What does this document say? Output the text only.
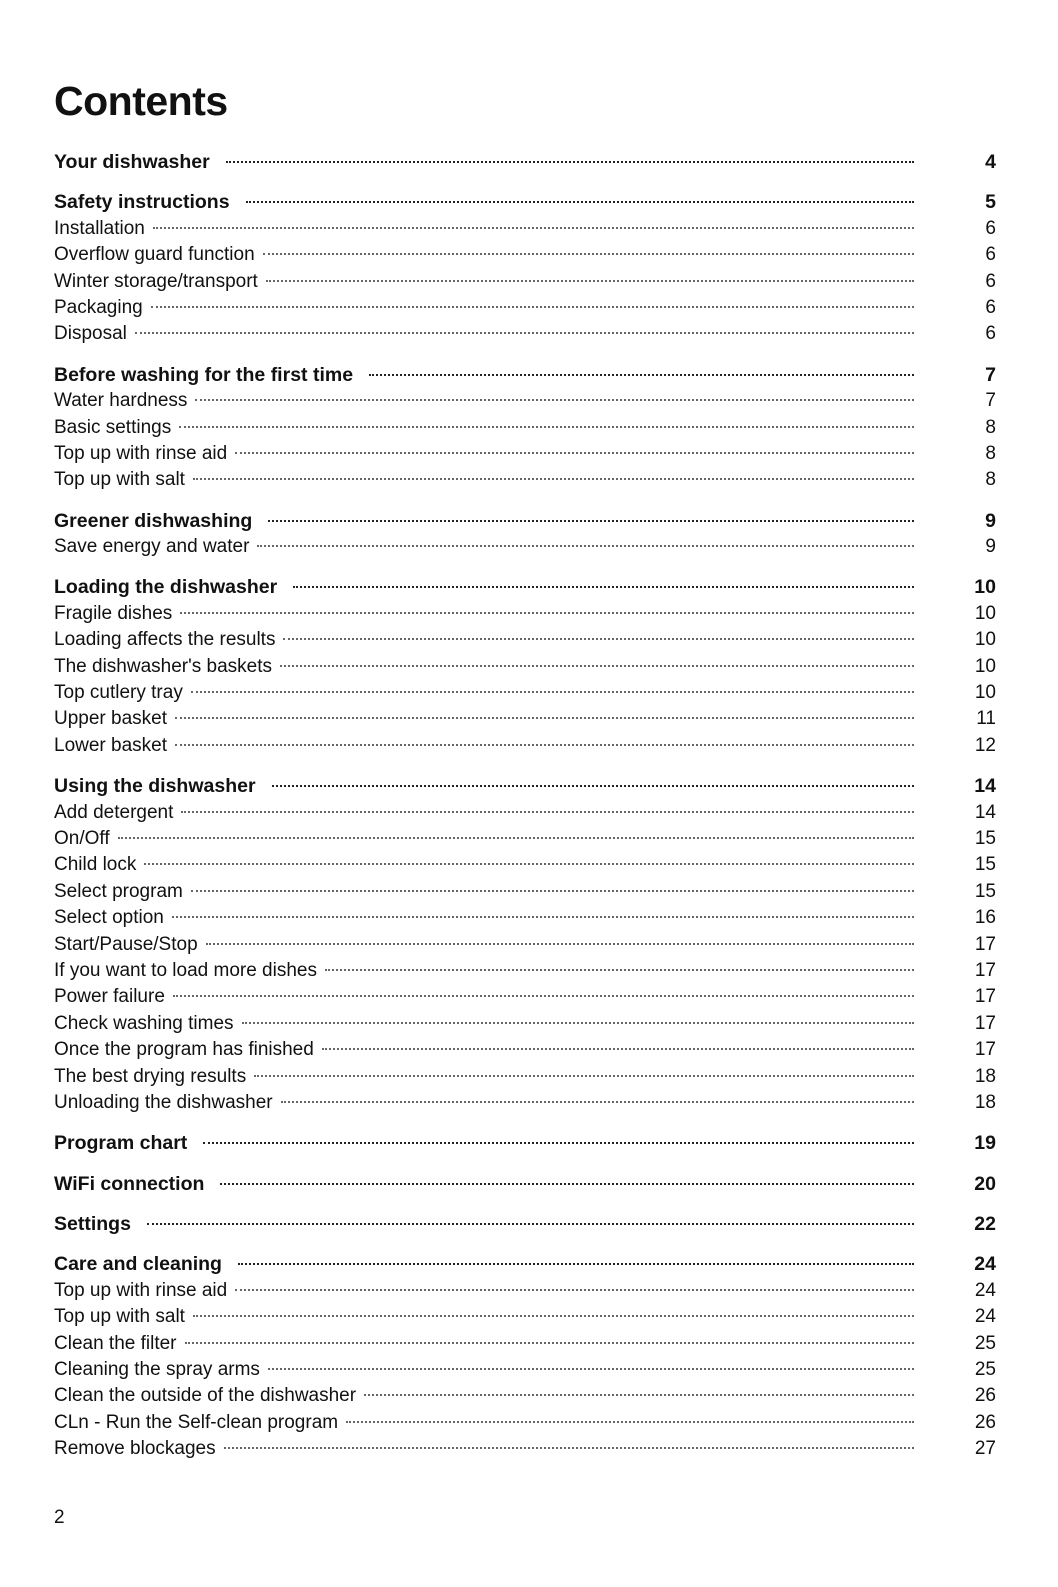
Contents
Your dishwasher	4
Safety instructions	5
Installation	6
Overflow guard function	6
Winter storage/transport	6
Packaging	6
Disposal	6
Before washing for the first time	7
Water hardness	7
Basic settings	8
Top up with rinse aid	8
Top up with salt	8
Greener dishwashing	9
Save energy and water	9
Loading the dishwasher	10
Fragile dishes	10
Loading affects the results	10
The dishwasher's baskets	10
Top cutlery tray	10
Upper basket	11
Lower basket	12
Using the dishwasher	14
Add detergent	14
On/Off	15
Child lock	15
Select program	15
Select option	16
Start/Pause/Stop	17
If you want to load more dishes	17
Power failure	17
Check washing times	17
Once the program has finished	17
The best drying results	18
Unloading the dishwasher	18
Program chart	19
WiFi connection	20
Settings	22
Care and cleaning	24
Top up with rinse aid	24
Top up with salt	24
Clean the filter	25
Cleaning the spray arms	25
Clean the outside of the dishwasher	26
CLn - Run the Self-clean program	26
Remove blockages	27
2
